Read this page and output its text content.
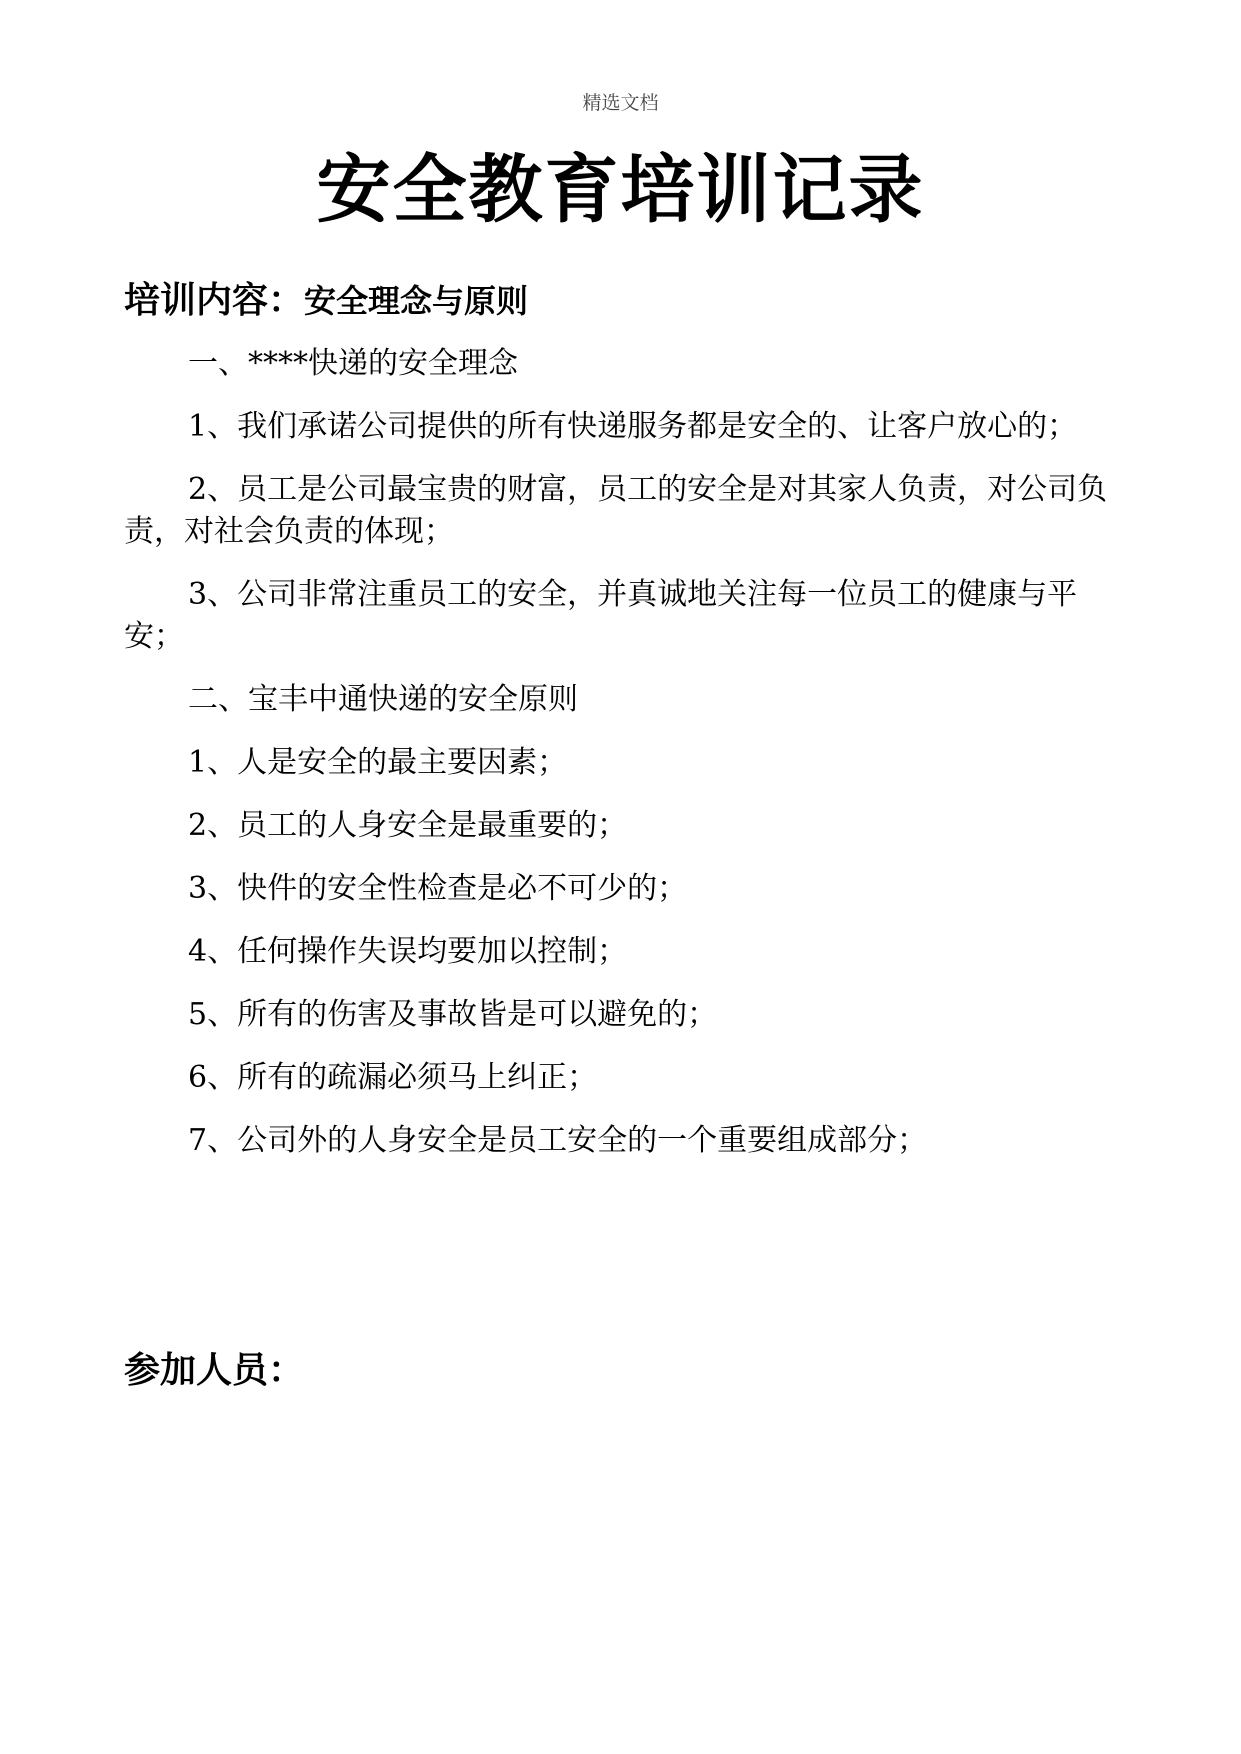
精选文档
安全教育培训记录
培训内容：安全理念与原则

一、****快递的安全理念

1、我们承诺公司提供的所有快递服务都是安全的、让客户放心的；

2、员工是公司最宝贵的财富，员工的安全是对其家人负责，对公司负责，对社会负责的体现；

3、公司非常注重员工的安全，并真诚地关注每一位员工的健康与平安；

二、宝丰中通快递的安全原则

1、人是安全的最主要因素；

2、员工的人身安全是最重要的；

3、快件的安全性检查是必不可少的；

4、任何操作失误均要加以控制；

5、所有的伤害及事故皆是可以避免的；

6、所有的疏漏必须马上纠正；

7、公司外的人身安全是员工安全的一个重要组成部分；

参加人员：
